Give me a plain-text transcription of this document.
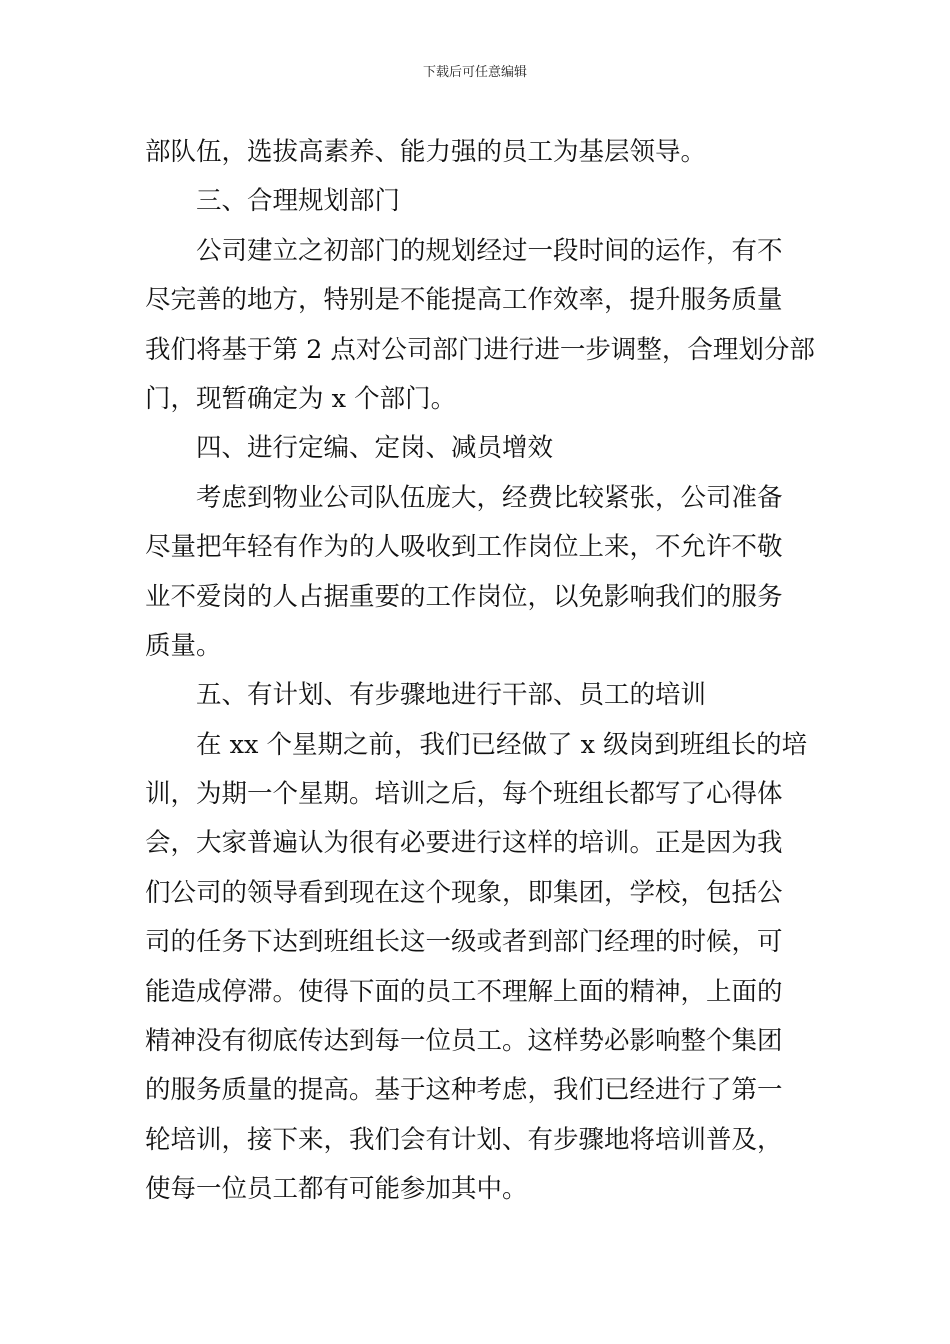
下载后可任意编辑
部队伍，选拔高素养、能力强的员工为基层领导。
三、合理规划部门
公司建立之初部门的规划经过一段时间的运作，有不
尽完善的地方，特别是不能提高工作效率，提升服务质量
我们将基于第 2 点对公司部门进行进一步调整，合理划分部
门，现暂确定为 x 个部门。
四、进行定编、定岗、减员增效
考虑到物业公司队伍庞大，经费比较紧张，公司准备
尽量把年轻有作为的人吸收到工作岗位上来，不允许不敬
业不爱岗的人占据重要的工作岗位，以免影响我们的服务
质量。
五、有计划、有步骤地进行干部、员工的培训
在 xx 个星期之前，我们已经做了 x 级岗到班组长的培
训，为期一个星期。培训之后，每个班组长都写了心得体
会，大家普遍认为很有必要进行这样的培训。正是因为我
们公司的领导看到现在这个现象，即集团，学校，包括公
司的任务下达到班组长这一级或者到部门经理的时候，可
能造成停滞。使得下面的员工不理解上面的精神，上面的
精神没有彻底传达到每一位员工。这样势必影响整个集团
的服务质量的提高。基于这种考虑，我们已经进行了第一
轮培训，接下来，我们会有计划、有步骤地将培训普及，
使每一位员工都有可能参加其中。
